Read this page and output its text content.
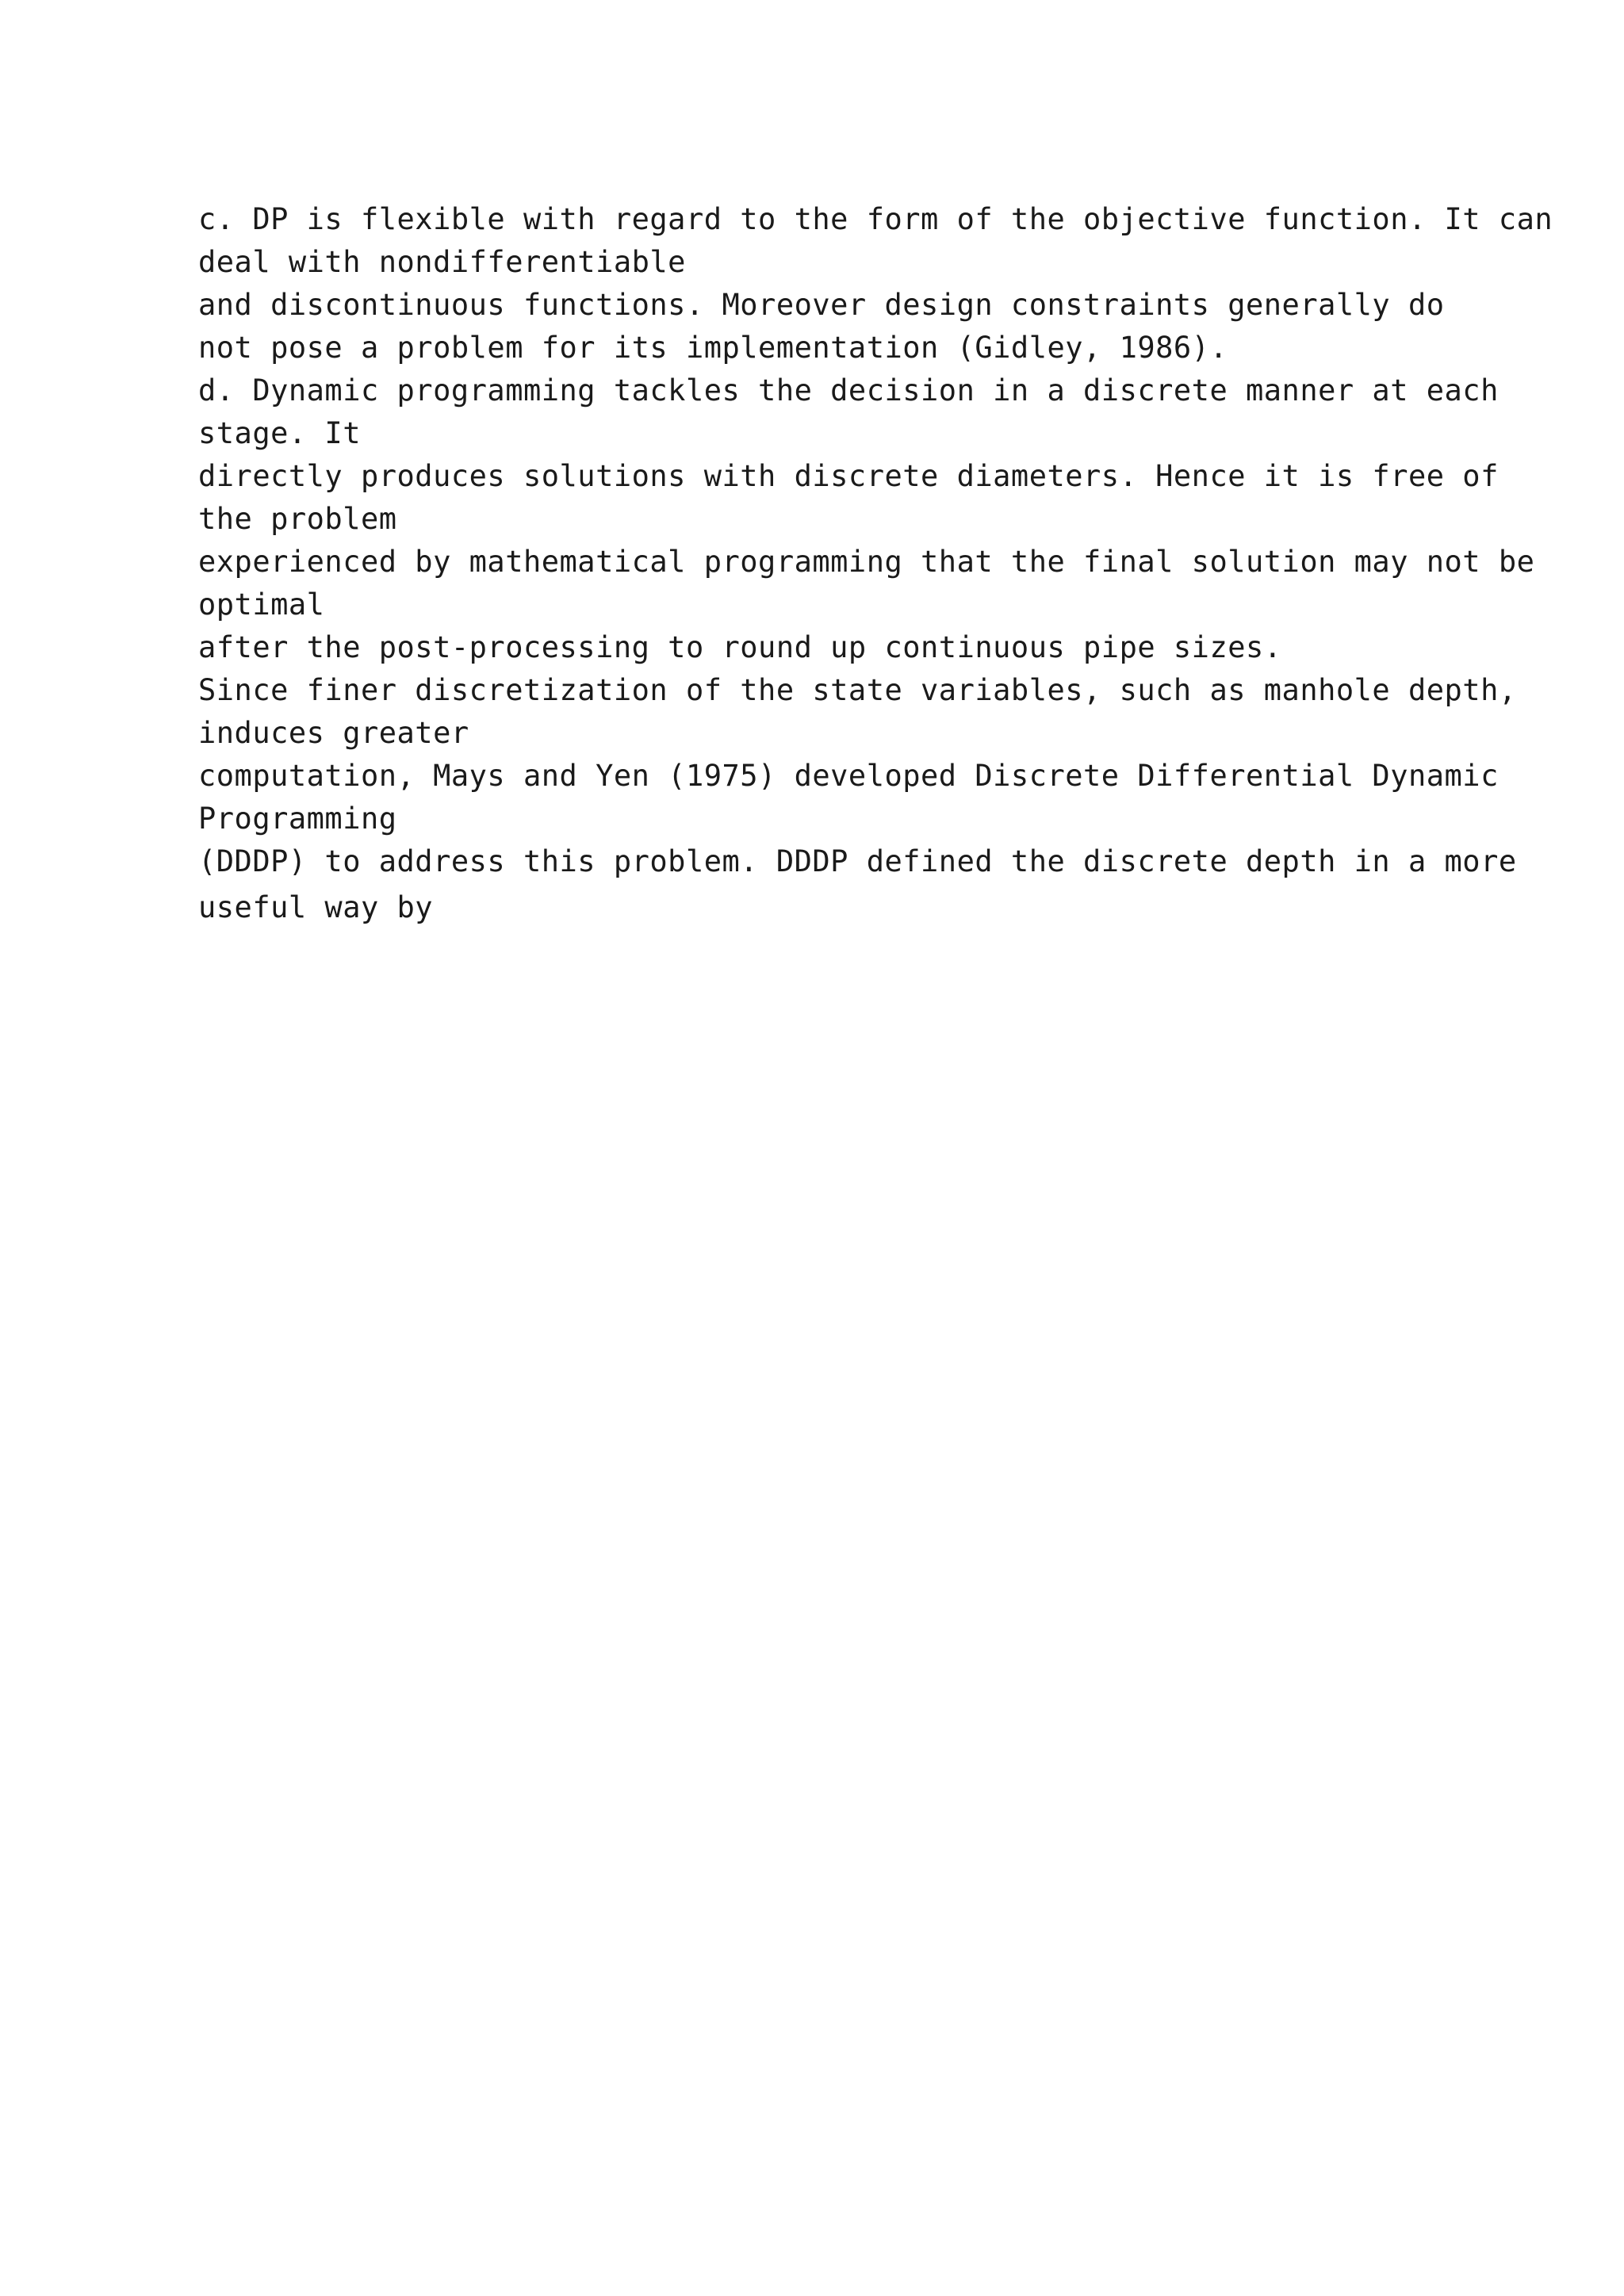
c. DP is flexible with regard to the form of the objective function. It can
deal with nondifferentiable
and discontinuous functions. Moreover design constraints generally do
not pose a problem for its implementation (Gidley, 1986).
d. Dynamic programming tackles the decision in a discrete manner at each
stage. It
directly produces solutions with discrete diameters. Hence it is free of
the problem
experienced by mathematical programming that the final solution may not be
optimal
after the post-processing to round up continuous pipe sizes.
Since finer discretization of the state variables, such as manhole depth,
induces greater
computation, Mays and Yen (1975) developed Discrete Differential Dynamic
Programming
(DDDP) to address this problem. DDDP defined the discrete depth in a more
useful way by
